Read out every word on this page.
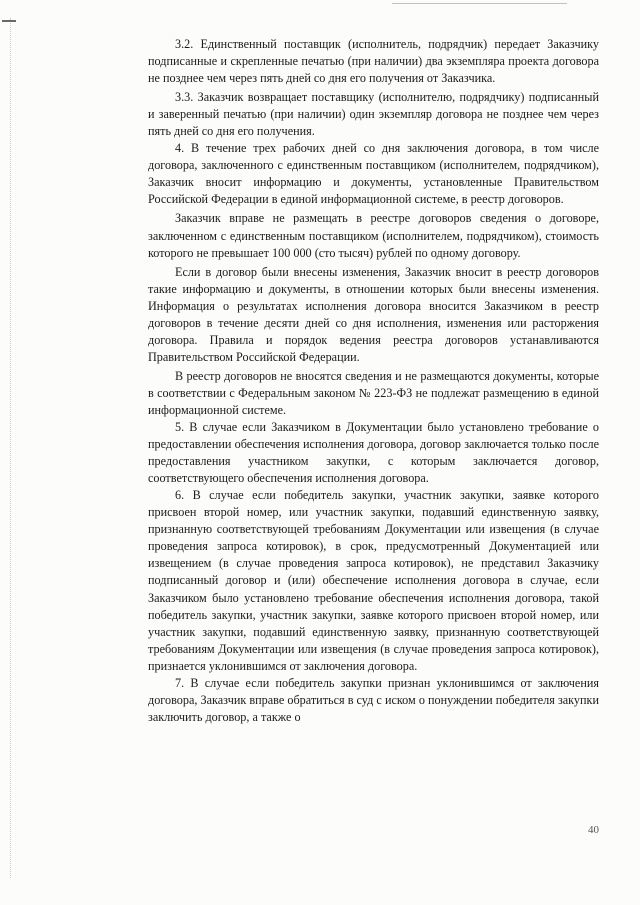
3.2. Единственный поставщик (исполнитель, подрядчик) передает Заказчику подписанные и скрепленные печатью (при наличии) два экземпляра проекта договора не позднее чем через пять дней со дня его получения от Заказчика.

3.3. Заказчик возвращает поставщику (исполнителю, подрядчику) подписанный и заверенный печатью (при наличии) один экземпляр договора не позднее чем через пять дней со дня его получения.

4. В течение трех рабочих дней со дня заключения договора, в том числе договора, заключенного с единственным поставщиком (исполнителем, подрядчиком), Заказчик вносит информацию и документы, установленные Правительством Российской Федерации в единой информационной системе, в реестр договоров.

Заказчик вправе не размещать в реестре договоров сведения о договоре, заключенном с единственным поставщиком (исполнителем, подрядчиком), стоимость которого не превышает 100 000 (сто тысяч) рублей по одному договору.

Если в договор были внесены изменения, Заказчик вносит в реестр договоров такие информацию и документы, в отношении которых были внесены изменения. Информация о результатах исполнения договора вносится Заказчиком в реестр договоров в течение десяти дней со дня исполнения, изменения или расторжения договора. Правила и порядок ведения реестра договоров устанавливаются Правительством Российской Федерации.

В реестр договоров не вносятся сведения и не размещаются документы, которые в соответствии с Федеральным законом № 223-ФЗ не подлежат размещению в единой информационной системе.

5. В случае если Заказчиком в Документации было установлено требование о предоставлении обеспечения исполнения договора, договор заключается только после предоставления участником закупки, с которым заключается договор, соответствующего обеспечения исполнения договора.

6. В случае если победитель закупки, участник закупки, заявке которого присвоен второй номер, или участник закупки, подавший единственную заявку, признанную соответствующей требованиям Документации или извещения (в случае проведения запроса котировок), в срок, предусмотренный Документацией или извещением (в случае проведения запроса котировок), не представил Заказчику подписанный договор и (или) обеспечение исполнения договора в случае, если Заказчиком было установлено требование обеспечения исполнения договора, такой победитель закупки, участник закупки, заявке которого присвоен второй номер, или участник закупки, подавший единственную заявку, признанную соответствующей требованиям Документации или извещения (в случае проведения запроса котировок), признается уклонившимся от заключения договора.

7. В случае если победитель закупки признан уклонившимся от заключения договора, Заказчик вправе обратиться в суд с иском о понуждении победителя закупки заключить договор, а также о

40
